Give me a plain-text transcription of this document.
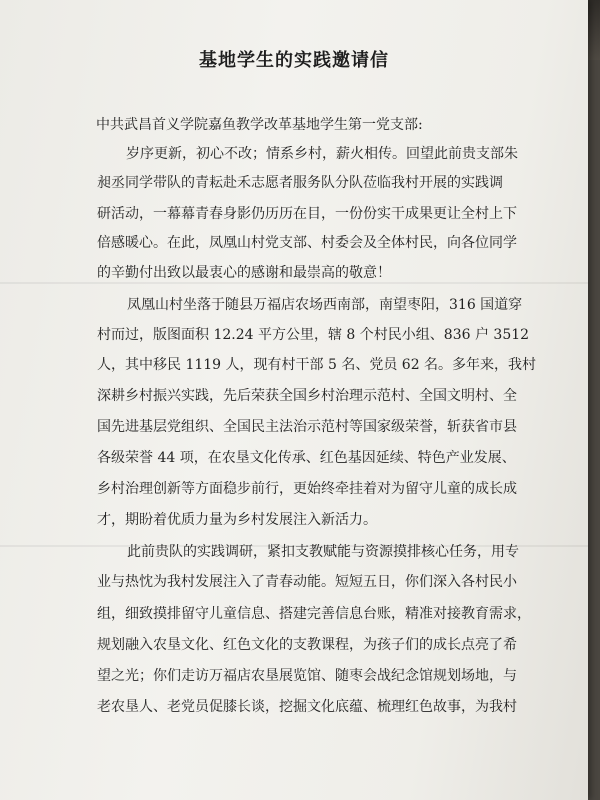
基地学生的实践邀请信
中共武昌首义学院嘉鱼教学改革基地学生第一党支部:
岁序更新，初心不改；情系乡村，薪火相传。回望此前贵支部朱
昶丞同学带队的青耘赴禾志愿者服务队分队莅临我村开展的实践调
研活动，一幕幕青春身影仍历历在目，一份份实干成果更让全村上下
倍感暖心。在此，凤凰山村党支部、村委会及全体村民，向各位同学
的辛勤付出致以最衷心的感谢和最崇高的敬意！
凤凰山村坐落于随县万福店农场西南部，南望枣阳，316 国道穿
村而过，版图面积 12.24 平方公里，辖 8 个村民小组、836 户 3512
人，其中移民 1119 人，现有村干部 5 名、党员 62 名。多年来，我村
深耕乡村振兴实践，先后荣获全国乡村治理示范村、全国文明村、全
国先进基层党组织、全国民主法治示范村等国家级荣誉，斩获省市县
各级荣誉 44 项，在农垦文化传承、红色基因延续、特色产业发展、
乡村治理创新等方面稳步前行，更始终牵挂着对为留守儿童的成长成
才，期盼着优质力量为乡村发展注入新活力。
此前贵队的实践调研，紧扣支教赋能与资源摸排核心任务，用专
业与热忱为我村发展注入了青春动能。短短五日，你们深入各村民小
组，细致摸排留守儿童信息、搭建完善信息台账，精准对接教育需求，
规划融入农垦文化、红色文化的支教课程，为孩子们的成长点亮了希
望之光；你们走访万福店农垦展览馆、随枣会战纪念馆规划场地，与
老农垦人、老党员促膝长谈，挖掘文化底蕴、梳理红色故事，为我村
